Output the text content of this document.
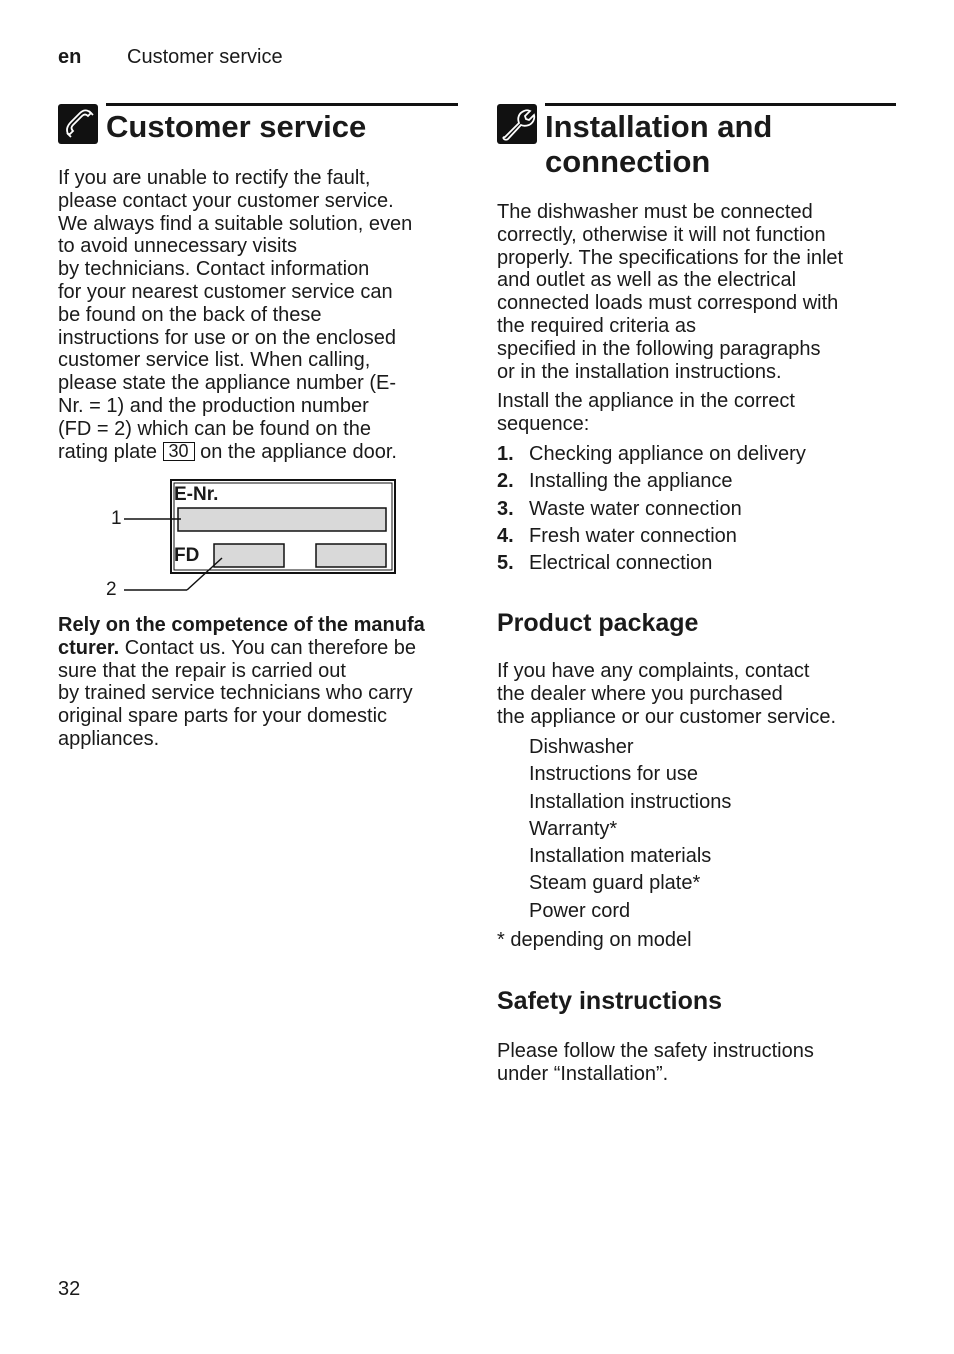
en Customer service
Customer service

If you are unable to rectify the fault,
please contact your customer service.
We always find a suitable solution, even
to avoid unnecessary visits
by technicians. Contact information
for your nearest customer service can
be found on the back of these
instructions for use or on the enclosed
customer service list. When calling,
please state the appliance number (E-
Nr. = 1) and the production number
(FD = 2) which can be found on the
rating plate 30 on the appliance door.

E-Nr.
FD
1
2

Rely on the competence of the manufa
cturer. Contact us. You can therefore be
sure that the repair is carried out
by trained service technicians who carry
original spare parts for your domestic
appliances.

Installation and
connection

The dishwasher must be connected
correctly, otherwise it will not function
properly. The specifications for the inlet
and outlet as well as the electrical
connected loads must correspond with
the required criteria as
specified in the following paragraphs
or in the installation instructions.

Install the appliance in the correct
sequence:

1. Checking appliance on delivery
2. Installing the appliance
3. Waste water connection
4. Fresh water connection
5. Electrical connection
Product package

If you have any complaints, contact
the dealer where you purchased
the appliance or our customer service.

Dishwasher
Instructions for use
Installation instructions
Warranty*
Installation materials
Steam guard plate*
Power cord

* depending on model

Safety instructions

Please follow the safety instructions
under “Installation”.

32
